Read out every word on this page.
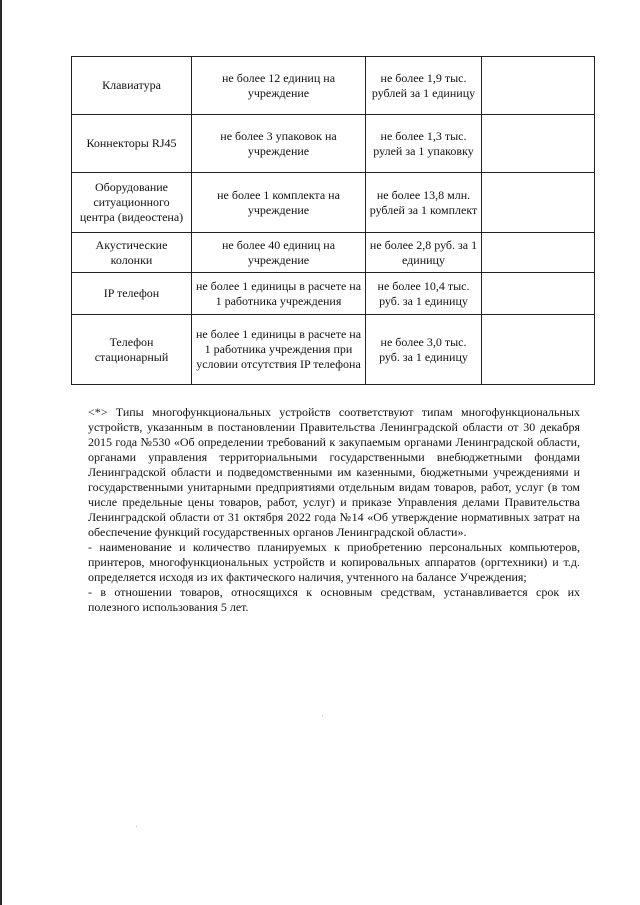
Клавиатура	не более 12 единиц на учреждение	не более 1,9 тыс. рублей за 1 единицу	
Коннекторы RJ45	не более 3 упаковок на учреждение	не более 1,3 тыс. рулей за 1 упаковку	
Оборудование ситуационного центра (видеостена)	не более 1 комплекта на учреждение	не более 13,8 млн. рублей за 1 комплект	
Акустические колонки	не более 40 единиц на учреждение	не более 2,8 руб. за 1 единицу	
IP телефон	не более 1 единицы в расчете на 1 работника учреждения	не более 10,4 тыс. руб. за 1 единицу	
Телефон стационарный	не более 1 единицы в расчете на 1 работника учреждения при условии отсутствия IP телефона	не более 3,0 тыс. руб. за 1 единицу	

<*> Типы многофункциональных устройств соответствуют типам многофункциональных устройств, указанным в постановлении Правительства Ленинградской области от 30 декабря 2015 года №530 «Об определении требований к закупаемым органами Ленинградской области, органами управления территориальными государственными внебюджетными фондами Ленинградской области и подведомственными им казенными, бюджетными учреждениями и государственными унитарными предприятиями отдельным видам товаров, работ, услуг (в том числе предельные цены товаров, работ, услуг) и приказе Управления делами Правительства Ленинградской области от 31 октября 2022 года №14 «Об утверждение нормативных затрат на обеспечение функций государственных органов Ленинградской области».

- наименование и количество планируемых к приобретению персональных компьютеров, принтеров, многофункциональных устройств и копировальных аппаратов (оргтехники) и т.д. определяется исходя из их фактического наличия, учтенного на балансе Учреждения;

- в отношении товаров, относящихся к основным средствам, устанавливается срок их полезного использования 5 лет.
